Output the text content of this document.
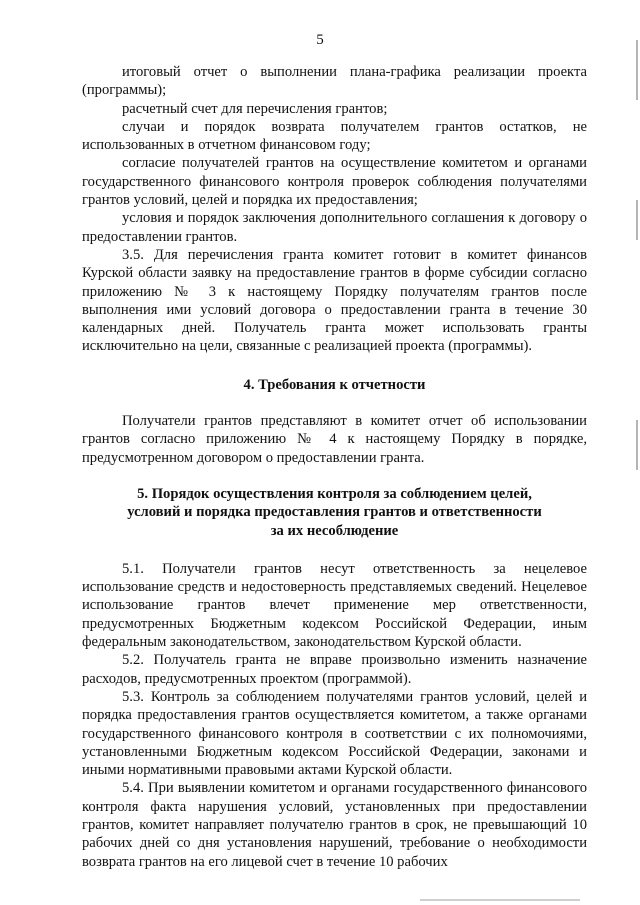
5

итоговый отчет о выполнении плана-графика реализации проекта (программы);

расчетный счет для перечисления грантов;

случаи и порядок возврата получателем грантов остатков, не использованных в отчетном финансовом году;

согласие получателей грантов на осуществление комитетом и органами государственного финансового контроля проверок соблюдения получателями грантов условий, целей и порядка их предоставления;

условия и порядок заключения дополнительного соглашения к договору о предоставлении грантов.

3.5. Для перечисления гранта комитет готовит в комитет финансов Курской области заявку на предоставление грантов в форме субсидии согласно приложению № 3 к настоящему Порядку получателям грантов после выполнения ими условий договора о предоставлении гранта в течение 30 календарных дней. Получатель гранта может использовать гранты исключительно на цели, связанные с реализацией проекта (программы).

4. Требования к отчетности

Получатели грантов представляют в комитет отчет об использовании грантов согласно приложению № 4 к настоящему Порядку в порядке, предусмотренном договором о предоставлении гранта.

5. Порядок осуществления контроля за соблюдением целей,
условий и порядка предоставления грантов и ответственности
за их несоблюдение

5.1. Получатели грантов несут ответственность за нецелевое использование средств и недостоверность представляемых сведений. Нецелевое использование грантов влечет применение мер ответственности, предусмотренных Бюджетным кодексом Российской Федерации, иным федеральным законодательством, законодательством Курской области.

5.2. Получатель гранта не вправе произвольно изменить назначение расходов, предусмотренных проектом (программой).

5.3. Контроль за соблюдением получателями грантов условий, целей и порядка предоставления грантов осуществляется комитетом, а также органами государственного финансового контроля в соответствии с их полномочиями, установленными Бюджетным кодексом Российской Федерации, законами и иными нормативными правовыми актами Курской области.

5.4. При выявлении комитетом и органами государственного финансового контроля факта нарушения условий, установленных при предоставлении грантов, комитет направляет получателю грантов в срок, не превышающий 10 рабочих дней со дня установления нарушений, требование о необходимости возврата грантов на его лицевой счет в течение 10 рабочих
